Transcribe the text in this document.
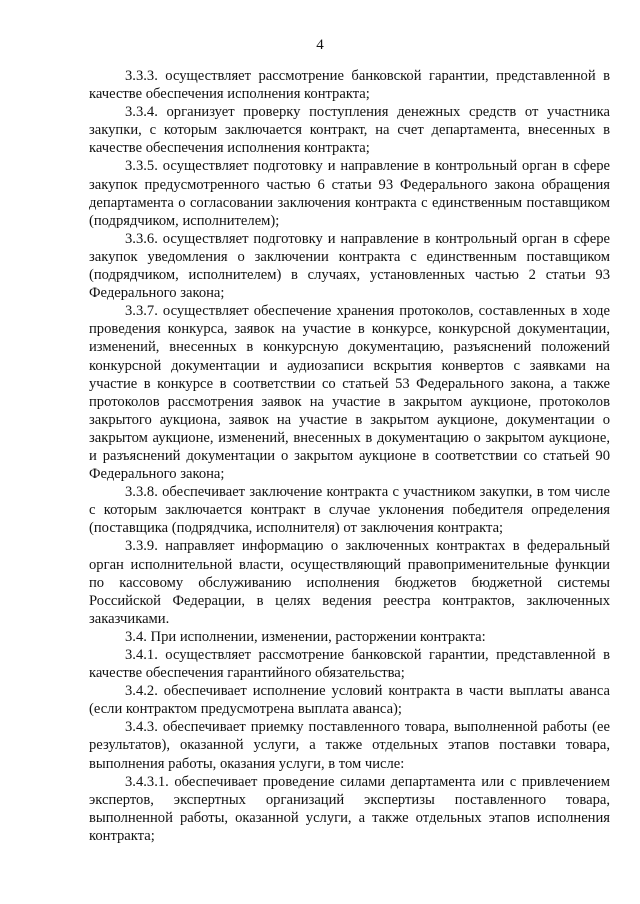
4

3.3.3. осуществляет рассмотрение банковской гарантии, представленной в качестве обеспечения исполнения контракта;

3.3.4. организует проверку поступления денежных средств от участника закупки, с которым заключается контракт, на счет департамента, внесенных в качестве обеспечения исполнения контракта;

3.3.5. осуществляет подготовку и направление в контрольный орган в сфере закупок предусмотренного частью 6 статьи 93 Федерального закона обращения департамента о согласовании заключения контракта с единственным поставщиком (подрядчиком, исполнителем);

3.3.6. осуществляет подготовку и направление в контрольный орган в сфере закупок уведомления о заключении контракта с единственным поставщиком (подрядчиком, исполнителем) в случаях, установленных частью 2 статьи 93 Федерального закона;

3.3.7. осуществляет обеспечение хранения протоколов, составленных в ходе проведения конкурса, заявок на участие в конкурсе, конкурсной документации, изменений, внесенных в конкурсную документацию, разъяснений положений конкурсной документации и аудиозаписи вскрытия конвертов с заявками на участие в конкурсе в соответствии со статьей 53 Федерального закона, а также протоколов рассмотрения заявок на участие в закрытом аукционе, протоколов закрытого аукциона, заявок на участие в закрытом аукционе, документации о закрытом аукционе, изменений, внесенных в документацию о закрытом аукционе, и разъяснений документации о закрытом аукционе в соответствии со статьей 90 Федерального закона;

3.3.8. обеспечивает заключение контракта с участником закупки, в том числе с которым заключается контракт в случае уклонения победителя определения (поставщика (подрядчика, исполнителя) от заключения контракта;

3.3.9. направляет информацию о заключенных контрактах в федеральный орган исполнительной власти, осуществляющий правоприменительные функции по кассовому обслуживанию исполнения бюджетов бюджетной системы Российской Федерации, в целях ведения реестра контрактов, заключенных заказчиками.

3.4. При исполнении, изменении, расторжении контракта:

3.4.1. осуществляет рассмотрение банковской гарантии, представленной в качестве обеспечения гарантийного обязательства;

3.4.2. обеспечивает исполнение условий контракта в части выплаты аванса (если контрактом предусмотрена выплата аванса);

3.4.3. обеспечивает приемку поставленного товара, выполненной работы (ее результатов), оказанной услуги, а также отдельных этапов поставки товара, выполнения работы, оказания услуги, в том числе:

3.4.3.1. обеспечивает проведение силами департамента или с привлечением экспертов, экспертных организаций экспертизы поставленного товара, выполненной работы, оказанной услуги, а также отдельных этапов исполнения контракта;
